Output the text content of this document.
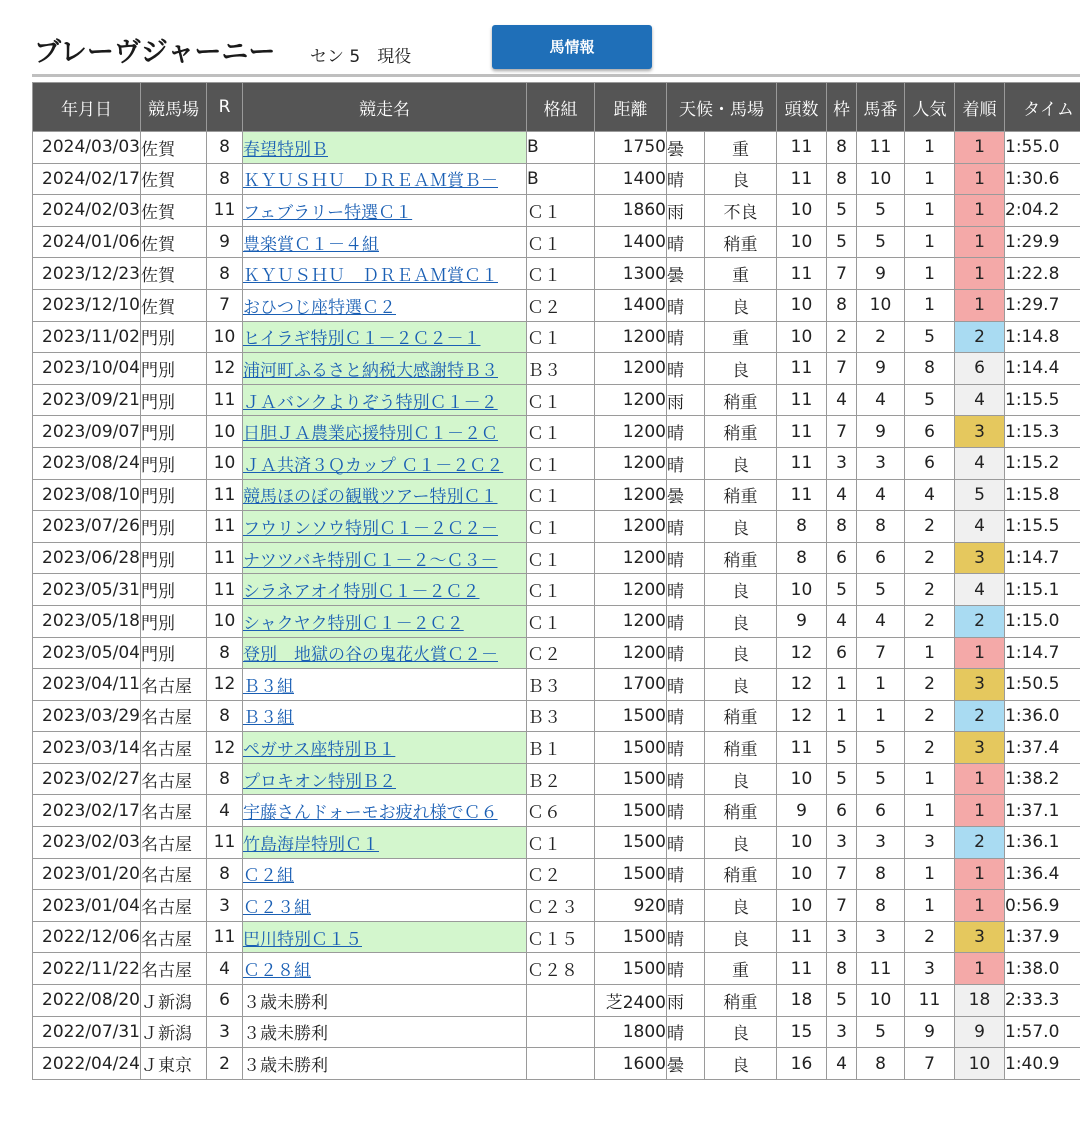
ブレーヴジャーニー セン 5　現役	馬情報
年月日	競馬場	R	競走名	格組	距離	天候・馬場		頭数	枠	馬番	人気	着順	タイム
2024/03/03	佐賀	8	春望特別Ｂ	B	1750	曇	重	11	8	11	1	1	1:55.0
2024/02/17	佐賀	8	ＫＹＵＳＨＵ　ＤＲＥＡＭ賞Ｂ－	B	1400	晴	良	11	8	10	1	1	1:30.6
2024/02/03	佐賀	11	フェブラリー特選Ｃ１	Ｃ１	1860	雨	不良	10	5	5	1	1	2:04.2
2024/01/06	佐賀	9	豊楽賞Ｃ１－４組	Ｃ１	1400	晴	稍重	10	5	5	1	1	1:29.9
2023/12/23	佐賀	8	ＫＹＵＳＨＵ　ＤＲＥＡＭ賞Ｃ１	Ｃ１	1300	曇	重	11	7	9	1	1	1:22.8
2023/12/10	佐賀	7	おひつじ座特選Ｃ２	Ｃ２	1400	晴	良	10	8	10	1	1	1:29.7
2023/11/02	門別	10	ヒイラギ特別Ｃ１－２Ｃ２－１	Ｃ１	1200	晴	重	10	2	2	5	2	1:14.8
2023/10/04	門別	12	浦河町ふるさと納税大感謝特Ｂ３	Ｂ３	1200	晴	良	11	7	9	8	6	1:14.4
2023/09/21	門別	11	ＪＡバンクよりぞう特別Ｃ１－２	Ｃ１	1200	雨	稍重	11	4	4	5	4	1:15.5
2023/09/07	門別	10	日胆ＪＡ農業応援特別Ｃ１－２Ｃ	Ｃ１	1200	晴	稍重	11	7	9	6	3	1:15.3
2023/08/24	門別	10	ＪＡ共済３Ｑカップ Ｃ１－２Ｃ２	Ｃ１	1200	晴	良	11	3	3	6	4	1:15.2
2023/08/10	門別	11	競馬ほのぼの観戦ツアー特別Ｃ１	Ｃ１	1200	曇	稍重	11	4	4	4	5	1:15.8
2023/07/26	門別	11	フウリンソウ特別Ｃ１－２Ｃ２－	Ｃ１	1200	晴	良	8	8	8	2	4	1:15.5
2023/06/28	門別	11	ナツツバキ特別Ｃ１－２～Ｃ３－	Ｃ１	1200	晴	稍重	8	6	6	2	3	1:14.7
2023/05/31	門別	11	シラネアオイ特別Ｃ１－２Ｃ２	Ｃ１	1200	晴	良	10	5	5	2	4	1:15.1
2023/05/18	門別	10	シャクヤク特別Ｃ１－２Ｃ２	Ｃ１	1200	晴	良	9	4	4	2	2	1:15.0
2023/05/04	門別	8	登別　地獄の谷の鬼花火賞Ｃ２－	Ｃ２	1200	晴	良	12	6	7	1	1	1:14.7
2023/04/11	名古屋	12	Ｂ３組	Ｂ３	1700	晴	良	12	1	1	2	3	1:50.5
2023/03/29	名古屋	8	Ｂ３組	Ｂ３	1500	晴	稍重	12	1	1	2	2	1:36.0
2023/03/14	名古屋	12	ペガサス座特別Ｂ１	Ｂ１	1500	晴	稍重	11	5	5	2	3	1:37.4
2023/02/27	名古屋	8	プロキオン特別Ｂ２	Ｂ２	1500	晴	良	10	5	5	1	1	1:38.2
2023/02/17	名古屋	4	宇藤さんドォーモお疲れ様でＣ６	Ｃ６	1500	晴	稍重	9	6	6	1	1	1:37.1
2023/02/03	名古屋	11	竹島海岸特別Ｃ１	Ｃ１	1500	晴	良	10	3	3	3	2	1:36.1
2023/01/20	名古屋	8	Ｃ２組	Ｃ２	1500	晴	稍重	10	7	8	1	1	1:36.4
2023/01/04	名古屋	3	Ｃ２３組	Ｃ２３	920	晴	良	10	7	8	1	1	0:56.9
2022/12/06	名古屋	11	巴川特別Ｃ１５	Ｃ１５	1500	晴	良	11	3	3	2	3	1:37.9
2022/11/22	名古屋	4	Ｃ２８組	Ｃ２８	1500	晴	重	11	8	11	3	1	1:38.0
2022/08/20	Ｊ新潟	6	３歳未勝利		芝2400	雨	稍重	18	5	10	11	18	2:33.3
2022/07/31	Ｊ新潟	3	３歳未勝利		1800	晴	良	15	3	5	9	9	1:57.0
2022/04/24	Ｊ東京	2	３歳未勝利		1600	曇	良	16	4	8	7	10	1:40.9
